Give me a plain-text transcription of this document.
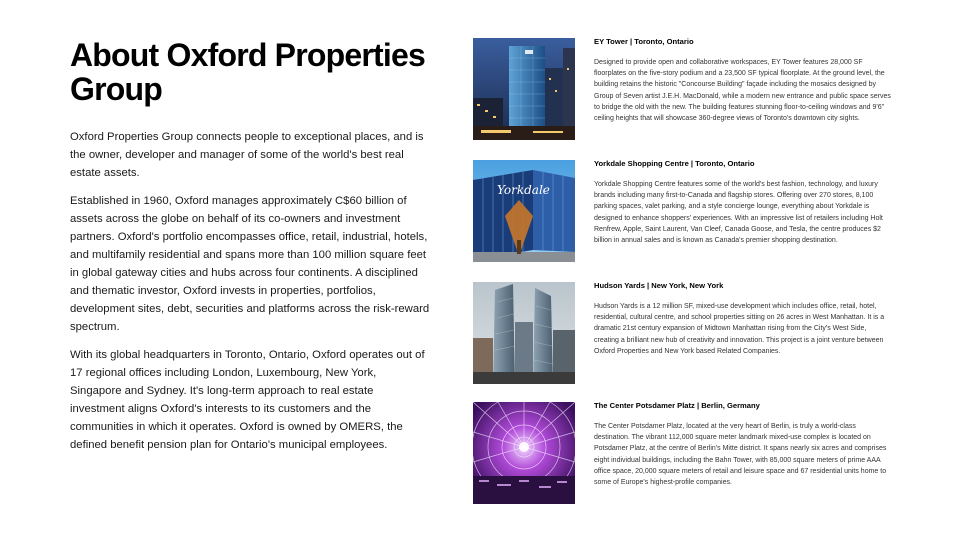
About Oxford Properties Group

Oxford Properties Group connects people to exceptional places, and is the owner, developer and manager of some of the world's best real estate assets.

Established in 1960, Oxford manages approximately C$60 billion of assets across the globe on behalf of its co-owners and investment partners. Oxford's portfolio encompasses office, retail, industrial, hotels, and multifamily residential and spans more than 100 million square feet in global gateway cities and hubs across four continents. A disciplined and thematic investor, Oxford invests in properties, portfolios, development sites, debt, securities and platforms across the risk-reward spectrum.

With its global headquarters in Toronto, Ontario, Oxford operates out of 17 regional offices including London, Luxembourg, New York, Singapore and Sydney. It's long-term approach to real estate investment aligns Oxford's interests to its customers and the communities in which it operates. Oxford is owned by OMERS, the defined benefit pension plan for Ontario's municipal employees.

EY Tower | Toronto, Ontario

Designed to provide open and collaborative workspaces, EY Tower features 28,000 SF floorplates on the five-story podium and a 23,500 SF typical floorplate. At the ground level, the building retains the historic "Concourse Building" façade including the mosaics designed by Group of Seven artist J.E.H. MacDonald, while a modern new entrance and public space serves to bridge the old with the new. The building features stunning floor-to-ceiling windows and 9'6" ceiling heights that will showcase 360-degree views of Toronto's downtown city sights.

Yorkdale

Yorkdale Shopping Centre | Toronto, Ontario

Yorkdale Shopping Centre features some of the world's best fashion, technology, and luxury brands including many first-to-Canada and flagship stores. Offering over 270 stores, 8,100 parking spaces, valet parking, and a style concierge lounge, everything about Yorkdale is designed to enhance shoppers' experiences. With an impressive list of retailers including Holt Renfrew, Apple, Saint Laurent, Van Cleef, Canada Goose, and Tesla, the centre produces $2 billion in annual sales and is known as Canada's premier shopping destination.

Hudson Yards | New York, New York

Hudson Yards is a 12 million SF, mixed-use development which includes office, retail, hotel, residential, cultural centre, and school properties sitting on 26 acres in West Manhattan. It is a dramatic 21st century expansion of Midtown Manhattan rising from the City's West Side, creating a brilliant new hub of creativity and innovation. This project is a joint venture between Oxford Properties and New York based Related Companies.

The Center Potsdamer Platz | Berlin, Germany

The Center Potsdamer Platz, located at the very heart of Berlin, is truly a world-class destination. The vibrant 112,000 square meter landmark mixed-use complex is located on Potsdamer Platz, at the centre of Berlin's Mitte district. It spans nearly six acres and comprises eight individual buildings, including the Bahn Tower, with 85,000 square meters of prime AAA office space, 20,000 square meters of retail and leisure space and 67 residential units home to some of Europe's highest-profile companies.
